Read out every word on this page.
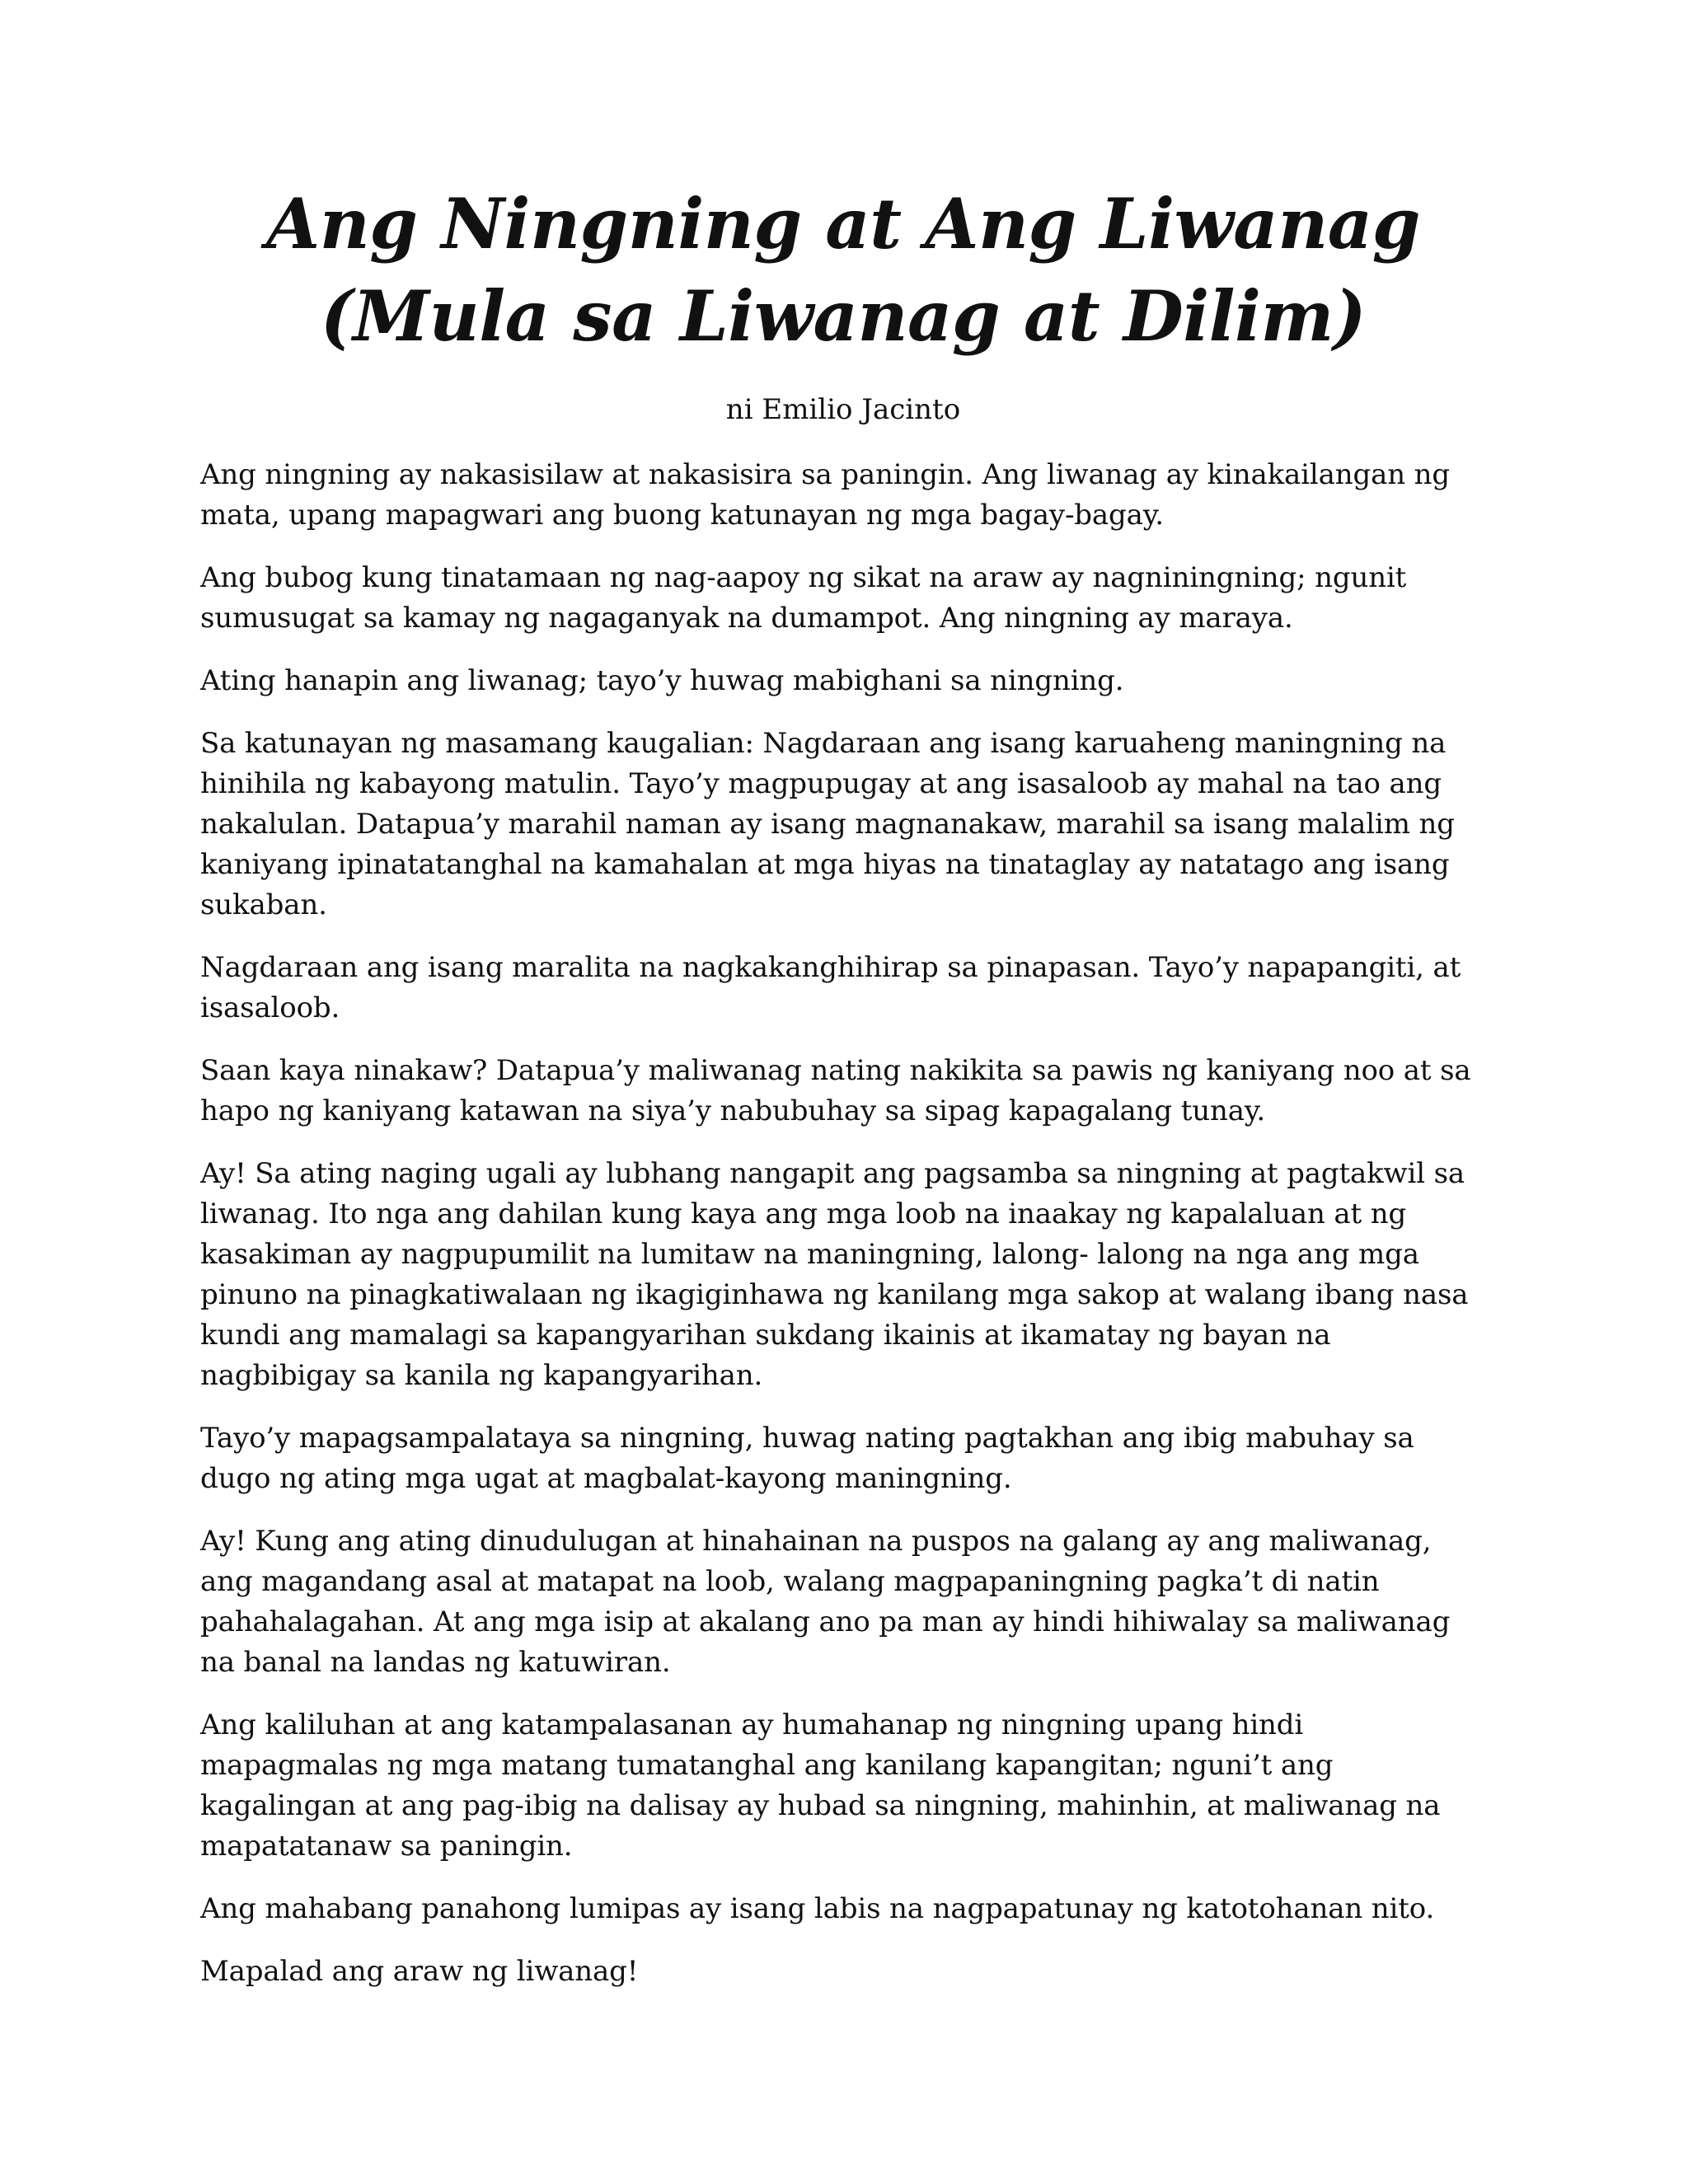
Ang Ningning at Ang Liwanag
(Mula sa Liwanag at Dilim)
ni Emilio Jacinto

Ang ningning ay nakasisilaw at nakasisira sa paningin. Ang liwanag ay kinakailangan ng mata, upang mapagwari ang buong katunayan ng mga bagay-bagay.

Ang bubog kung tinatamaan ng nag-aapoy ng sikat na araw ay nagniningning; ngunit sumusugat sa kamay ng nagaganyak na dumampot. Ang ningning ay maraya.

Ating hanapin ang liwanag; tayo’y huwag mabighani sa ningning.

Sa katunayan ng masamang kaugalian: Nagdaraan ang isang karuaheng maningning na hinihila ng kabayong matulin. Tayo’y magpupugay at ang isasaloob ay mahal na tao ang nakalulan. Datapua’y marahil naman ay isang magnanakaw, marahil sa isang malalim ng kaniyang ipinatatanghal na kamahalan at mga hiyas na tinataglay ay natatago ang isang sukaban.

Nagdaraan ang isang maralita na nagkakanghihirap sa pinapasan. Tayo’y napapangiti, at isasaloob.

Saan kaya ninakaw? Datapua’y maliwanag nating nakikita sa pawis ng kaniyang noo at sa hapo ng kaniyang katawan na siya’y nabubuhay sa sipag kapagalang tunay.

Ay! Sa ating naging ugali ay lubhang nangapit ang pagsamba sa ningning at pagtakwil sa liwanag. Ito nga ang dahilan kung kaya ang mga loob na inaakay ng kapalaluan at ng kasakiman ay nagpupumilit na lumitaw na maningning, lalong- lalong na nga ang mga pinuno na pinagkatiwalaan ng ikagiginhawa ng kanilang mga sakop at walang ibang nasa kundi ang mamalagi sa kapangyarihan sukdang ikainis at ikamatay ng bayan na nagbibigay sa kanila ng kapangyarihan.

Tayo’y mapagsampalataya sa ningning, huwag nating pagtakhan ang ibig mabuhay sa dugo ng ating mga ugat at magbalat-kayong maningning.

Ay! Kung ang ating dinudulugan at hinahainan na puspos na galang ay ang maliwanag, ang magandang asal at matapat na loob, walang magpapaningning pagka’t di natin pahahalagahan. At ang mga isip at akalang ano pa man ay hindi hihiwalay sa maliwanag na banal na landas ng katuwiran.

Ang kaliluhan at ang katampalasanan ay humahanap ng ningning upang hindi mapagmalas ng mga matang tumatanghal ang kanilang kapangitan; nguni’t ang kagalingan at ang pag-ibig na dalisay ay hubad sa ningning, mahinhin, at maliwanag na mapatatanaw sa paningin.

Ang mahabang panahong lumipas ay isang labis na nagpapatunay ng katotohanan nito.

Mapalad ang araw ng liwanag!
